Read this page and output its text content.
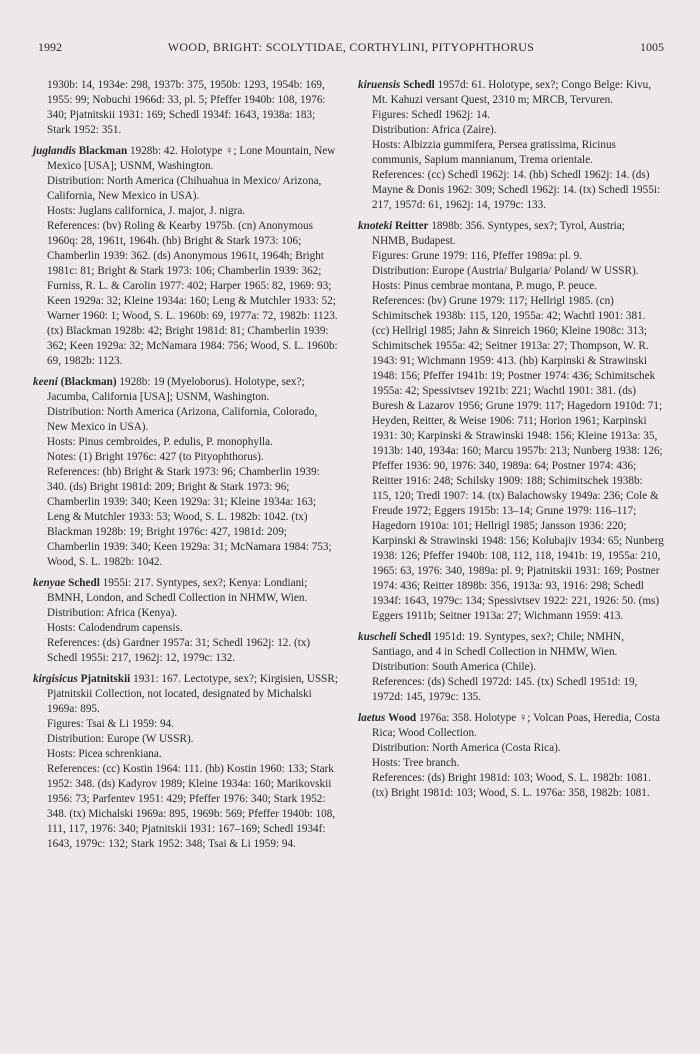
1992	WOOD, BRIGHT: SCOLYTIDAE, CORTHYLINI, PITYOPHTHORUS	1005

1930b: 14, 1934e: 298, 1937b: 375, 1950b: 1293, 1954b: 169, 1955: 99; Nobuchi 1966d: 33, pl. 5; Pfeffer 1940b: 108, 1976: 340; Pjatnitskii 1931: 169; Schedl 1934f: 1643, 1938a: 183; Stark 1952: 351.

juglandis Blackman 1928b: 42. Holotype ♀; Lone Mountain, New Mexico [USA]; USNM, Washington.

Distribution: North America (Chihuahua in Mexico/ Arizona, California, New Mexico in USA).

Hosts: Juglans californica, J. major, J. nigra.

References: (bv) Roling & Kearby 1975b. (cn) Anonymous 1960q: 28, 1961t, 1964h. (hb) Bright & Stark 1973: 106; Chamberlin 1939: 362. (ds) Anonymous 1961t, 1964h; Bright 1981c: 81; Bright & Stark 1973: 106; Chamberlin 1939: 362; Furniss, R. L. & Carolin 1977: 402; Harper 1965: 82, 1969: 93; Keen 1929a: 32; Kleine 1934a: 160; Leng & Mutchler 1933: 52; Warner 1960: 1; Wood, S. L. 1960b: 69, 1977a: 72, 1982b: 1123. (tx) Blackman 1928b: 42; Bright 1981d: 81; Chamberlin 1939: 362; Keen 1929a: 32; McNamara 1984: 756; Wood, S. L. 1960b: 69, 1982b: 1123.

keeni (Blackman) 1928b: 19 (Myeloborus). Holotype, sex?; Jacumba, California [USA]; USNM, Washington.

Distribution: North America (Arizona, California, Colorado, New Mexico in USA).

Hosts: Pinus cembroides, P. edulis, P. monophylla.

Notes: (1) Bright 1976c: 427 (to Pityophthorus).

References: (hb) Bright & Stark 1973: 96; Chamberlin 1939: 340. (ds) Bright 1981d: 209; Bright & Stark 1973: 96; Chamberlin 1939: 340; Keen 1929a: 31; Kleine 1934a: 163; Leng & Mutchler 1933: 53; Wood, S. L. 1982b: 1042. (tx) Blackman 1928b: 19; Bright 1976c: 427, 1981d: 209; Chamberlin 1939: 340; Keen 1929a: 31; McNamara 1984: 753; Wood, S. L. 1982b: 1042.

kenyae Schedl 1955i: 217. Syntypes, sex?; Kenya: Londiani; BMNH, London, and Schedl Collection in NHMW, Wien.

Distribution: Africa (Kenya).

Hosts: Calodendrum capensis.

References: (ds) Gardner 1957a: 31; Schedl 1962j: 12. (tx) Schedl 1955i: 217, 1962j: 12, 1979c: 132.

kirgisicus Pjatnitskii 1931: 167. Lectotype, sex?; Kirgisien, USSR; Pjatnitskii Collection, not located, designated by Michalski 1969a: 895.

Figures: Tsai & Li 1959: 94.

Distribution: Europe (W USSR).

Hosts: Picea schrenkiana.

References: (cc) Kostin 1964: 111. (hb) Kostin 1960: 133; Stark 1952: 348. (ds) Kadyrov 1989; Kleine 1934a: 160; Marikovskii 1956: 73; Parfentev 1951: 429; Pfeffer 1976: 340; Stark 1952: 348. (tx) Michalski 1969a: 895, 1969b: 569; Pfeffer 1940b: 108, 111, 117, 1976: 340; Pjatnitskii 1931: 167–169; Schedl 1934f: 1643, 1979c: 132; Stark 1952: 348; Tsai & Li 1959: 94.

kiruensis Schedl 1957d: 61. Holotype, sex?; Congo Belge: Kivu, Mt. Kahuzi versant Quest, 2310 m; MRCB, Tervuren.

Figures: Schedl 1962j: 14.

Distribution: Africa (Zaire).

Hosts: Albizzia gummifera, Persea gratissima, Ricinus communis, Sapium mannianum, Trema orientale.

References: (cc) Schedl 1962j: 14. (hb) Schedl 1962j: 14. (ds) Mayne & Donis 1962: 309; Schedl 1962j: 14. (tx) Schedl 1955i: 217, 1957d: 61, 1962j: 14, 1979c: 133.

knoteki Reitter 1898b: 356. Syntypes, sex?; Tyrol, Austria; NHMB, Budapest.

Figures: Grune 1979: 116, Pfeffer 1989a: pl. 9.

Distribution: Europe (Austria/ Bulgaria/ Poland/ W USSR).

Hosts: Pinus cembrae montana, P. mugo, P. peuce.

References: (bv) Grune 1979: 117; Hellrigl 1985. (cn) Schimitschek 1938b: 115, 120, 1955a: 42; Wachtl 1901: 381. (cc) Hellrigl 1985; Jahn & Sinreich 1960; Kleine 1908c: 313; Schimitschek 1955a: 42; Seitner 1913a: 27; Thompson, W. R. 1943: 91; Wichmann 1959: 413. (hb) Karpinski & Strawinski 1948: 156; Pfeffer 1941b: 19; Postner 1974: 436; Schimitschek 1955a: 42; Spessivtsev 1921b: 221; Wachtl 1901: 381. (ds) Buresh & Lazarov 1956; Grune 1979: 117; Hagedorn 1910d: 71; Heyden, Reitter, & Weise 1906: 711; Horion 1961; Karpinski 1931: 30; Karpinski & Strawinski 1948: 156; Kleine 1913a: 35, 1913b: 140, 1934a: 160; Marcu 1957b: 213; Nunberg 1938: 126; Pfeffer 1936: 90, 1976: 340, 1989a: 64; Postner 1974: 436; Reitter 1916: 248; Schilsky 1909: 188; Schimitschek 1938b: 115, 120; Tredl 1907: 14. (tx) Balachowsky 1949a: 236; Cole & Freude 1972; Eggers 1915b: 13–14; Grune 1979: 116–117; Hagedorn 1910a: 101; Hellrigl 1985; Jansson 1936: 220; Karpinski & Strawinski 1948: 156; Kolubajiv 1934: 65; Nunberg 1938: 126; Pfeffer 1940b: 108, 112, 118, 1941b: 19, 1955a: 210, 1965: 63, 1976: 340, 1989a: pl. 9; Pjatnitskii 1931: 169; Postner 1974: 436; Reitter 1898b: 356, 1913a: 93, 1916: 298; Schedl 1934f: 1643, 1979c: 134; Spessivtsev 1922: 221, 1926: 50. (ms) Eggers 1911b; Seitner 1913a: 27; Wichmann 1959: 413.

kuscheli Schedl 1951d: 19. Syntypes, sex?; Chile; NMHN, Santiago, and 4 in Schedl Collection in NHMW, Wien.

Distribution: South America (Chile).

References: (ds) Schedl 1972d: 145. (tx) Schedl 1951d: 19, 1972d: 145, 1979c: 135.

laetus Wood 1976a: 358. Holotype ♀; Volcan Poas, Heredia, Costa Rica; Wood Collection.

Distribution: North America (Costa Rica).

Hosts: Tree branch.

References: (ds) Bright 1981d: 103; Wood, S. L. 1982b: 1081. (tx) Bright 1981d: 103; Wood, S. L. 1976a: 358, 1982b: 1081.
